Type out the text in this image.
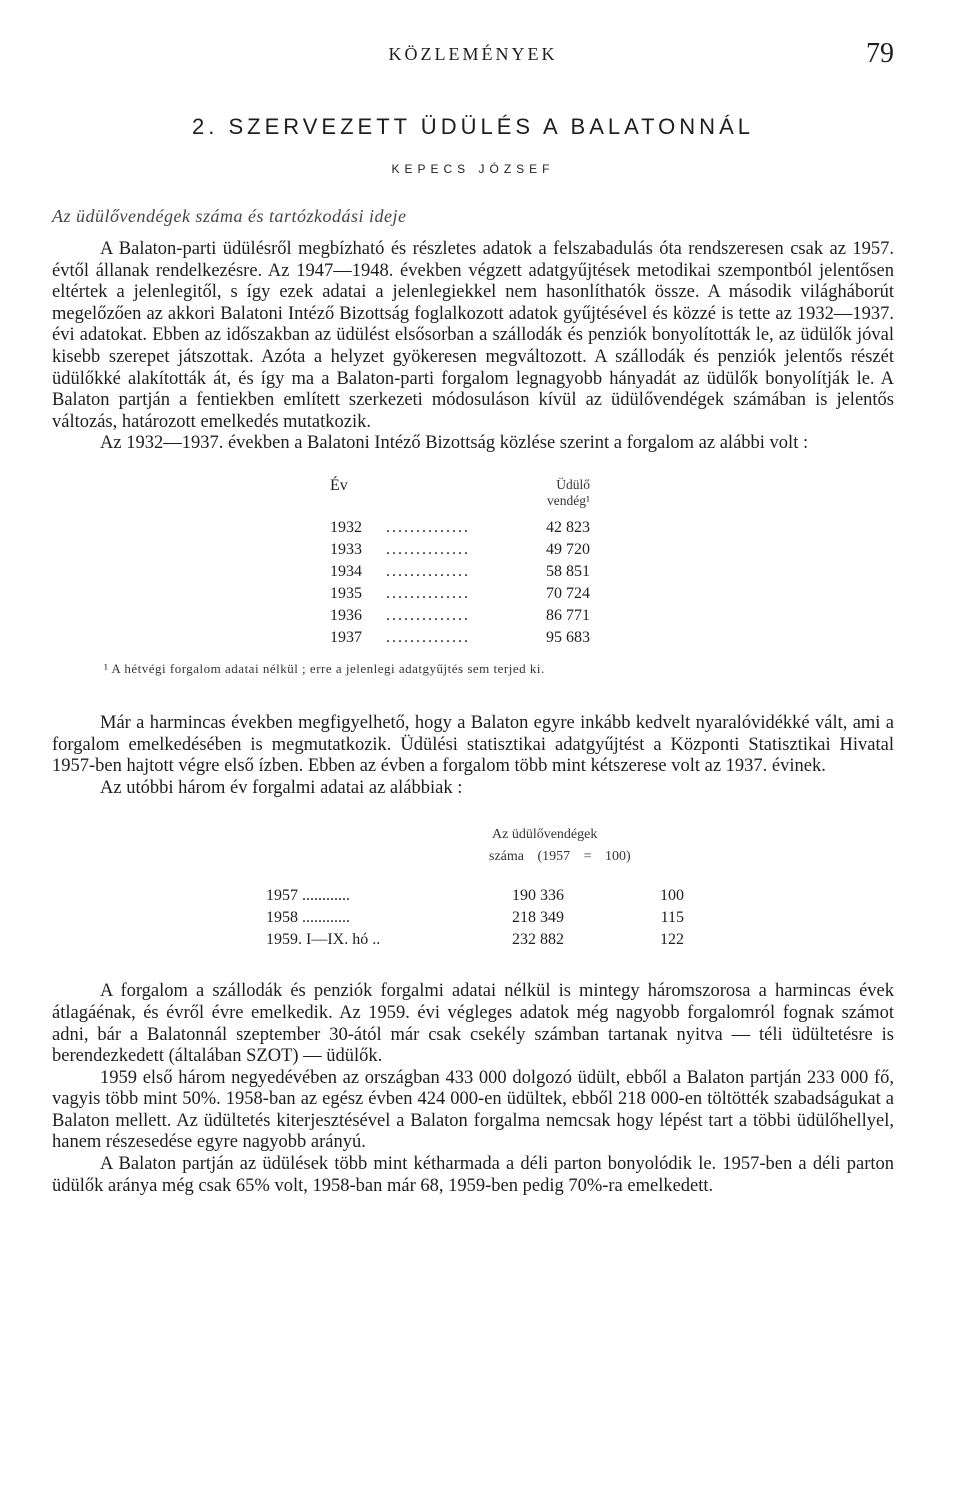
KÖZLEMÉNYEK	79
2. SZERVEZETT ÜDÜLÉS A BALATONNÁL
KEPECS JÓZSEF
Az üdülővendégek száma és tartózkodási ideje

A Balaton-parti üdülésről megbízható és részletes adatok a felszabadulás óta rendszeresen csak az 1957. évtől állanak rendelkezésre. Az 1947—1948. években végzett adatgyűjtések metodikai szempontból jelentősen eltértek a jelenlegitől, s így ezek adatai a jelenlegiekkel nem hasonlíthatók össze. A második világháborút megelőzően az akkori Balatoni Intéző Bizottság foglalkozott adatok gyűjtésével és közzé is tette az 1932—1937. évi adatokat. Ebben az időszakban az üdülést elsősorban a szállodák és penziók bonyolították le, az üdülők jóval kisebb szerepet játszottak. Azóta a helyzet gyökeresen megváltozott. A szállodák és penziók jelentős részét üdülőkké alakították át, és így ma a Balaton-parti forgalom legnagyobb hányadát az üdülők bonyolítják le. A Balaton partján a fentiekben említett szerkezeti módosuláson kívül az üdülővendégek számában is jelentős változás, határozott emelkedés mutatkozik.

Az 1932—1937. években a Balatoni Intéző Bizottság közlése szerint a forgalom az alábbi volt :

Év		Üdülő vendég¹
1932	..............	42 823
1933	..............	49 720
1934	..............	58 851
1935	..............	70 724
1936	..............	86 771
1937	..............	95 683
¹ A hétvégi forgalom adatai nélkül ; erre a jelenlegi adatgyűjtés sem terjed ki.

Már a harmincas években megfigyelhető, hogy a Balaton egyre inkább kedvelt nyaralóvidékké vált, ami a forgalom emelkedésében is megmutatkozik. Üdülési statisztikai adatgyűjtést a Központi Statisztikai Hivatal 1957-ben hajtott végre első ízben. Ebben az évben a forgalom több mint kétszerese volt az 1937. évinek.

Az utóbbi három év forgalmi adatai az alábbiak :

Az üdülővendégek
száma (1957 = 100)
1957 ............	190 336	100
1958 ............	218 349	115
1959. I—IX. hó ..	232 882	122

A forgalom a szállodák és penziók forgalmi adatai nélkül is mintegy háromszorosa a harmincas évek átlagáénak, és évről évre emelkedik. Az 1959. évi végleges adatok még nagyobb forgalomról fognak számot adni, bár a Balatonnál szeptember 30-ától már csak csekély számban tartanak nyitva — téli üdültetésre is berendezkedett (általában SZOT) — üdülők.

1959 első három negyedévében az országban 433 000 dolgozó üdült, ebből a Balaton partján 233 000 fő, vagyis több mint 50%. 1958-ban az egész évben 424 000-en üdültek, ebből 218 000-en töltötték szabadságukat a Balaton mellett. Az üdültetés kiterjesztésével a Balaton forgalma nemcsak hogy lépést tart a többi üdülőhellyel, hanem részesedése egyre nagyobb arányú.

A Balaton partján az üdülések több mint kétharmada a déli parton bonyolódik le. 1957-ben a déli parton üdülők aránya még csak 65% volt, 1958-ban már 68, 1959-ben pedig 70%-ra emelkedett.
